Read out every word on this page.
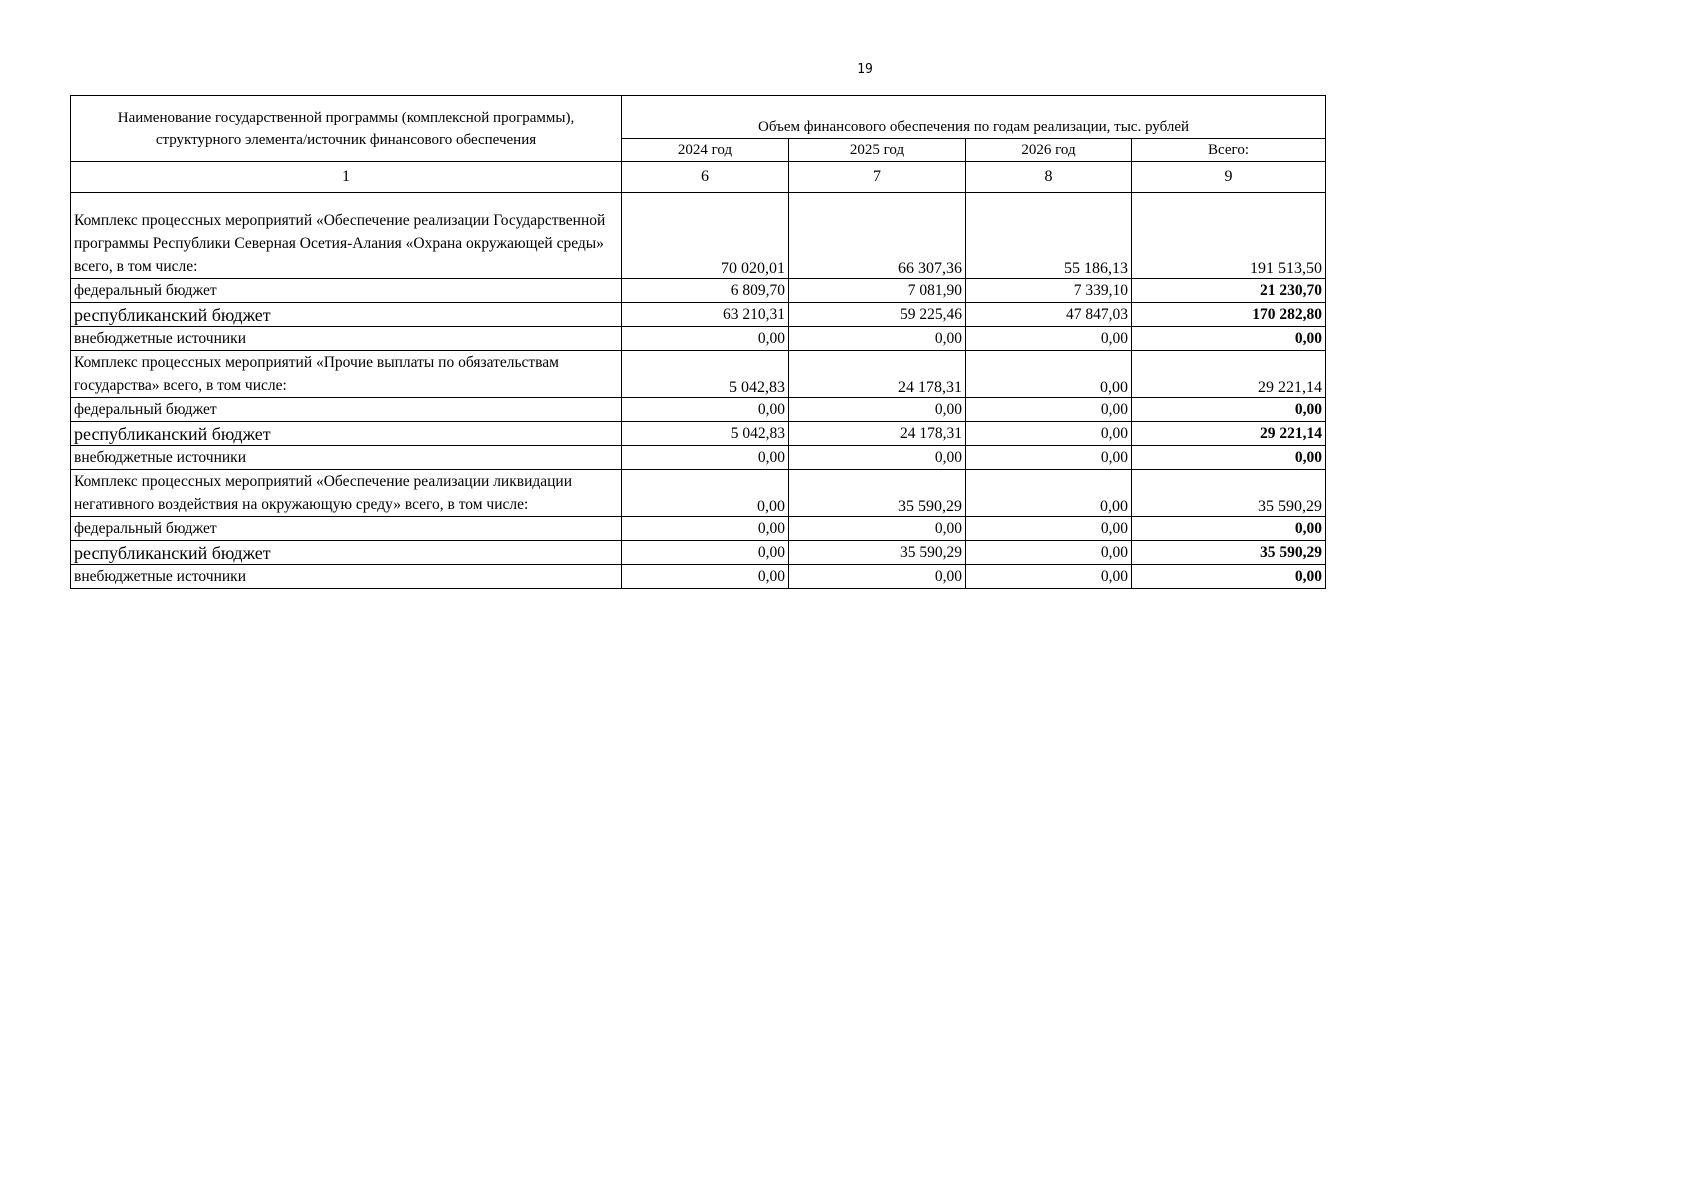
19
Наименование государственной программы (комплексной программы), структурного элемента/источник финансового обеспечения	Объем финансового обеспечения по годам реализации, тыс. рублей			
	2024 год	2025 год	2026 год	Всего:
1	6	7	8	9

Комплекс процессных мероприятий «Обеспечение реализации Государственной программы Республики Северная Осетия-Алания «Охрана окружающей среды» всего, в том числе:	70 020,01	66 307,36	55 186,13	191 513,50
федеральный бюджет	6 809,70	7 081,90	7 339,10	21 230,70
республиканский бюджет	63 210,31	59 225,46	47 847,03	170 282,80
внебюджетные источники	0,00	0,00	0,00	0,00
Комплекс процессных мероприятий «Прочие выплаты по обязательствам государства» всего, в том числе:	5 042,83	24 178,31	0,00	29 221,14
федеральный бюджет	0,00	0,00	0,00	0,00
республиканский бюджет	5 042,83	24 178,31	0,00	29 221,14
внебюджетные источники	0,00	0,00	0,00	0,00
Комплекс процессных мероприятий «Обеспечение реализации ликвидации негативного воздействия на окружающую среду» всего, в том числе:	0,00	35 590,29	0,00	35 590,29
федеральный бюджет	0,00	0,00	0,00	0,00
республиканский бюджет	0,00	35 590,29	0,00	35 590,29
внебюджетные источники	0,00	0,00	0,00	0,00
